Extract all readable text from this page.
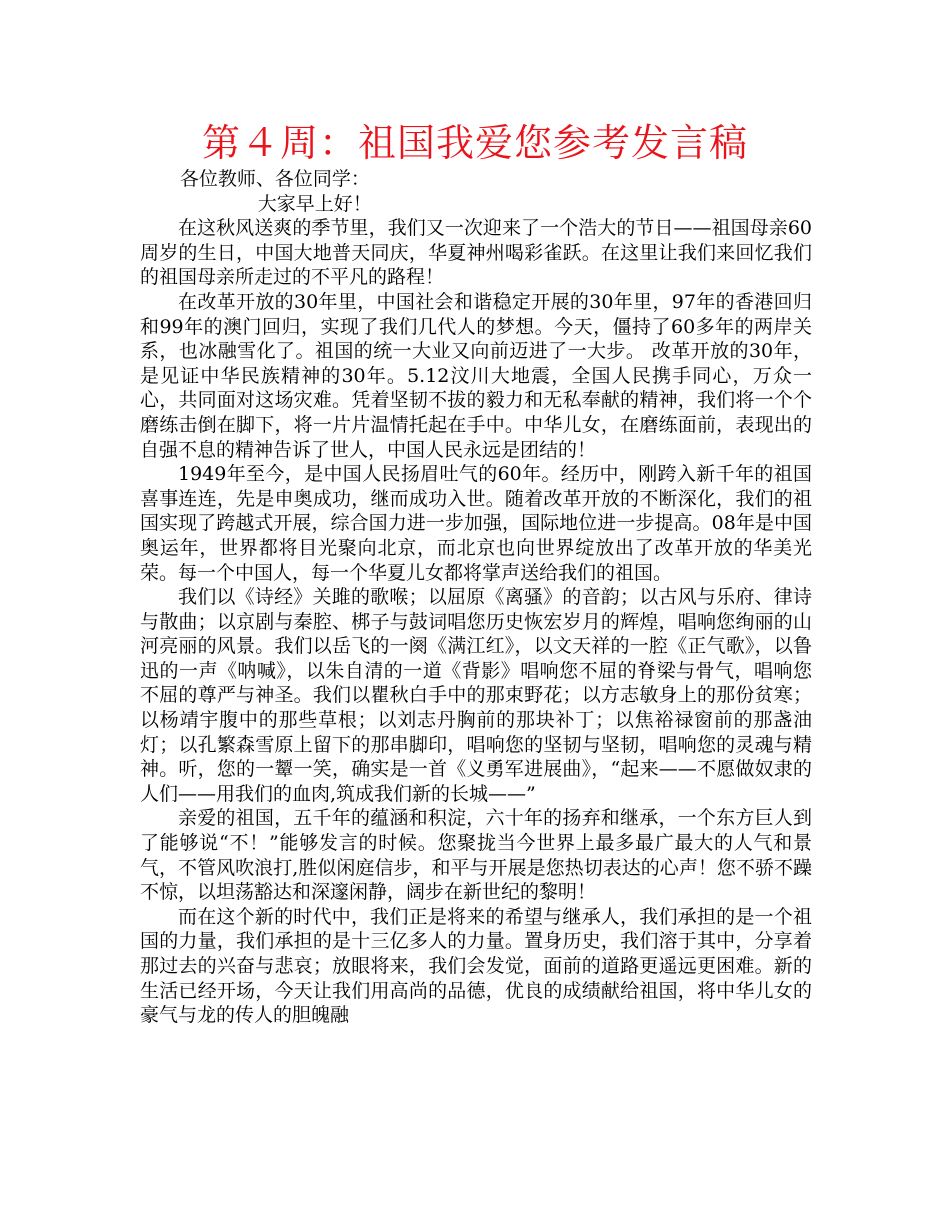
第４周：祖国我爱您参考发言稿

各位教师、各位同学：

大家早上好！

在这秋风送爽的季节里，我们又一次迎来了一个浩大的节日——祖国母亲60周岁的生日，中国大地普天同庆，华夏神州喝彩雀跃。在这里让我们来回忆我们的祖国母亲所走过的不平凡的路程！

在改革开放的30年里，中国社会和谐稳定开展的30年里，97年的香港回归和99年的澳门回归，实现了我们几代人的梦想。今天，僵持了60多年的两岸关系，也冰融雪化了。祖国的统一大业又向前迈进了一大步。 改革开放的30年，是见证中华民族精神的30年。5.12汶川大地震，全国人民携手同心，万众一心，共同面对这场灾难。凭着坚韧不拔的毅力和无私奉献的精神，我们将一个个磨练击倒在脚下，将一片片温情托起在手中。中华儿女，在磨练面前，表现出的自强不息的精神告诉了世人，中国人民永远是团结的！

1949年至今，是中国人民扬眉吐气的60年。经历中，刚跨入新千年的祖国喜事连连，先是申奥成功，继而成功入世。随着改革开放的不断深化，我们的祖国实现了跨越式开展，综合国力进一步加强，国际地位进一步提高。08年是中国奥运年，世界都将目光聚向北京，而北京也向世界绽放出了改革开放的华美光荣。每一个中国人，每一个华夏儿女都将掌声送给我们的祖国。

我们以《诗经》关雎的歌喉；以屈原《离骚》的音韵；以古风与乐府、律诗与散曲；以京剧与秦腔、梆子与鼓词唱您历史恢宏岁月的辉煌，唱响您绚丽的山河亮丽的风景。我们以岳飞的一阕《满江红》，以文天祥的一腔《正气歌》，以鲁迅的一声《呐喊》，以朱自清的一道《背影》唱响您不屈的脊梁与骨气，唱响您不屈的尊严与神圣。我们以瞿秋白手中的那束野花；以方志敏身上的那份贫寒；以杨靖宇腹中的那些草根；以刘志丹胸前的那块补丁；以焦裕禄窗前的那盏油灯；以孔繁森雪原上留下的那串脚印，唱响您的坚韧与坚韧，唱响您的灵魂与精神。听，您的一颦一笑，确实是一首《义勇军进展曲》，“起来——不愿做奴隶的人们——用我们的血肉,筑成我们新的长城——”

亲爱的祖国，五千年的蕴涵和积淀，六十年的扬弃和继承，一个东方巨人到了能够说“不！”能够发言的时候。您聚拢当今世界上最多最广最大的人气和景气，不管风吹浪打,胜似闲庭信步，和平与开展是您热切表达的心声！您不骄不躁不惊，以坦荡豁达和深邃闲静，阔步在新世纪的黎明！

而在这个新的时代中，我们正是将来的希望与继承人，我们承担的是一个祖国的力量，我们承担的是十三亿多人的力量。置身历史，我们溶于其中，分享着那过去的兴奋与悲哀；放眼将来，我们会发觉，面前的道路更遥远更困难。新的生活已经开场，今天让我们用高尚的品德，优良的成绩献给祖国，将中华儿女的豪气与龙的传人的胆魄融
